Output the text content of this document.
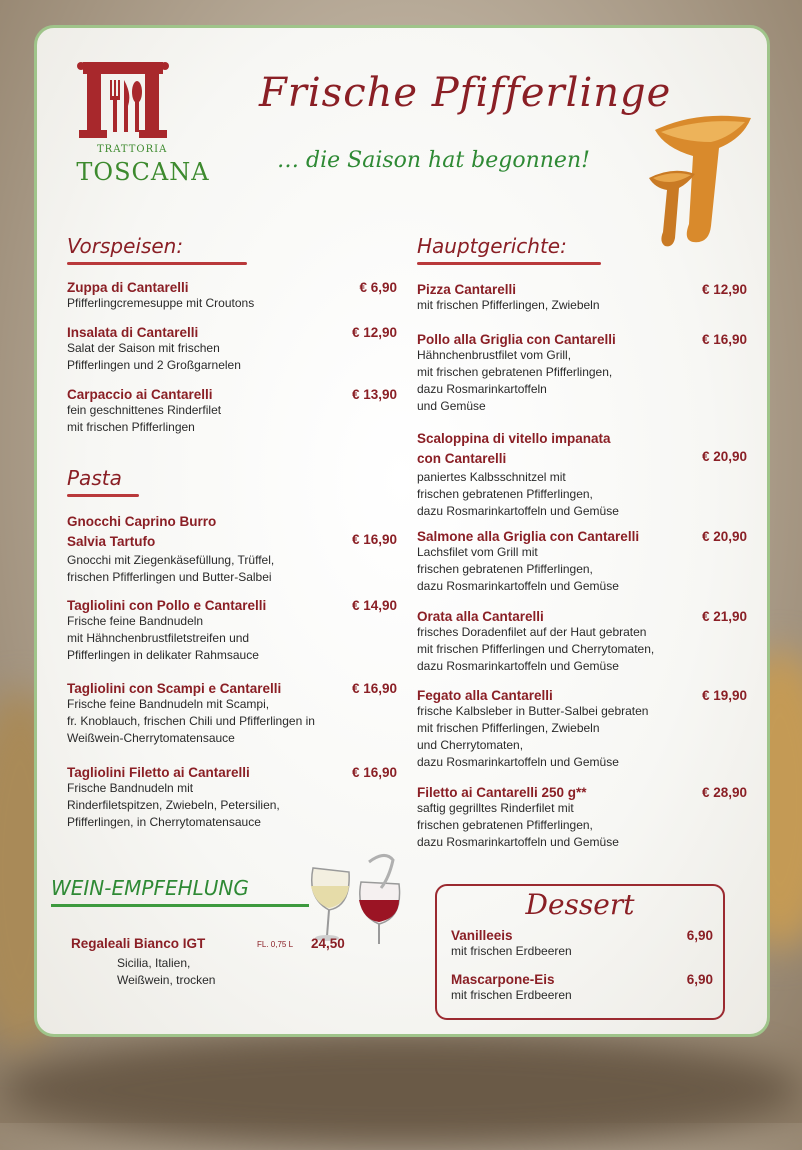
TRATTORIA
TOSCANA
Frische Pfifferlinge
… die Saison hat begonnen!
Vorspeisen:
Zuppa di Cantarelli
Pfifferlingcremesuppe mit Croutons
€ 6,90
Insalata di Cantarelli
Salat der Saison mit frischen
Pfifferlingen und 2 Großgarnelen
€ 12,90
Carpaccio ai Cantarelli
fein geschnittenes Rinderfilet
mit frischen Pfifferlingen
€ 13,90
Pasta
Gnocchi Caprino Burro
Salvia Tartufo
Gnocchi mit Ziegenkäsefüllung, Trüffel,
frischen Pfifferlingen und Butter-Salbei
€ 16,90
Tagliolini con Pollo e Cantarelli
Frische feine Bandnudeln
mit Hähnchenbrustfiletstreifen und
Pfifferlingen in delikater Rahmsauce
€ 14,90
Tagliolini con Scampi e Cantarelli
Frische feine Bandnudeln mit Scampi,
fr. Knoblauch, frischen Chili und Pfifferlingen in
Weißwein-Cherrytomatensauce
€ 16,90
Tagliolini Filetto ai Cantarelli
Frische Bandnudeln mit
Rinderfiletspitzen, Zwiebeln, Petersilien,
Pfifferlingen, in Cherrytomatensauce
€ 16,90
Hauptgerichte:
Pizza Cantarelli
mit frischen Pfifferlingen, Zwiebeln
€ 12,90
Pollo alla Griglia con Cantarelli
Hähnchenbrustfilet vom Grill,
mit frischen gebratenen Pfifferlingen,
dazu Rosmarinkartoffeln
und Gemüse
€ 16,90
Scaloppina di vitello impanata
con Cantarelli
paniertes Kalbsschnitzel mit
frischen gebratenen Pfifferlingen,
dazu Rosmarinkartoffeln und Gemüse
€ 20,90
Salmone alla Griglia con Cantarelli
Lachsfilet vom Grill mit
frischen gebratenen Pfifferlingen,
dazu Rosmarinkartoffeln und Gemüse
€ 20,90
Orata alla Cantarelli
frisches Doradenfilet auf der Haut gebraten
mit frischen Pfifferlingen und Cherrytomaten,
dazu Rosmarinkartoffeln und Gemüse
€ 21,90
Fegato alla Cantarelli
frische Kalbsleber in Butter-Salbei gebraten
mit frischen Pfifferlingen, Zwiebeln
und Cherrytomaten,
dazu Rosmarinkartoffeln und Gemüse
€ 19,90
Filetto ai Cantarelli 250 g**
saftig gegrilltes Rinderfilet mit
frischen gebratenen Pfifferlingen,
dazu Rosmarinkartoffeln und Gemüse
€ 28,90
WEIN-EMPFEHLUNG
Regaleali Bianco IGT	FL. 0,75 L 24,50
Sicilia, Italien,
Weißwein, trocken
Dessert
Vanilleeis
mit frischen Erdbeeren
6,90
Mascarpone-Eis
mit frischen Erdbeeren
6,90
